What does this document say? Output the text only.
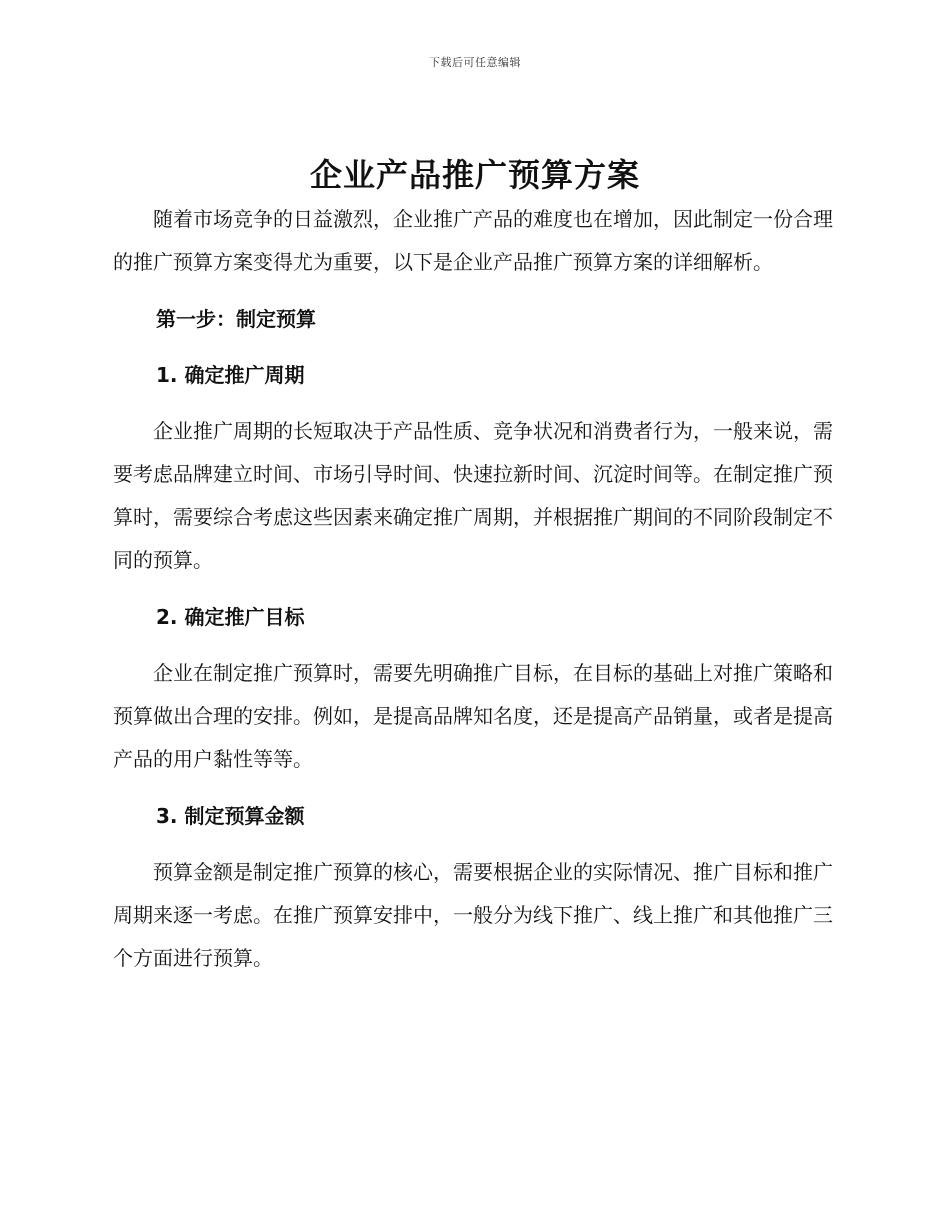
下载后可任意编辑
企业产品推广预算方案

随着市场竞争的日益激烈，企业推广产品的难度也在增加，因此制定一份合理的推广预算方案变得尤为重要，以下是企业产品推广预算方案的详细解析。

第一步：制定预算

1. 确定推广周期

企业推广周期的长短取决于产品性质、竞争状况和消费者行为，一般来说，需要考虑品牌建立时间、市场引导时间、快速拉新时间、沉淀时间等。在制定推广预算时，需要综合考虑这些因素来确定推广周期，并根据推广期间的不同阶段制定不同的预算。

2. 确定推广目标

企业在制定推广预算时，需要先明确推广目标，在目标的基础上对推广策略和预算做出合理的安排。例如，是提高品牌知名度，还是提高产品销量，或者是提高产品的用户黏性等等。

3. 制定预算金额

预算金额是制定推广预算的核心，需要根据企业的实际情况、推广目标和推广周期来逐一考虑。在推广预算安排中，一般分为线下推广、线上推广和其他推广三个方面进行预算。
